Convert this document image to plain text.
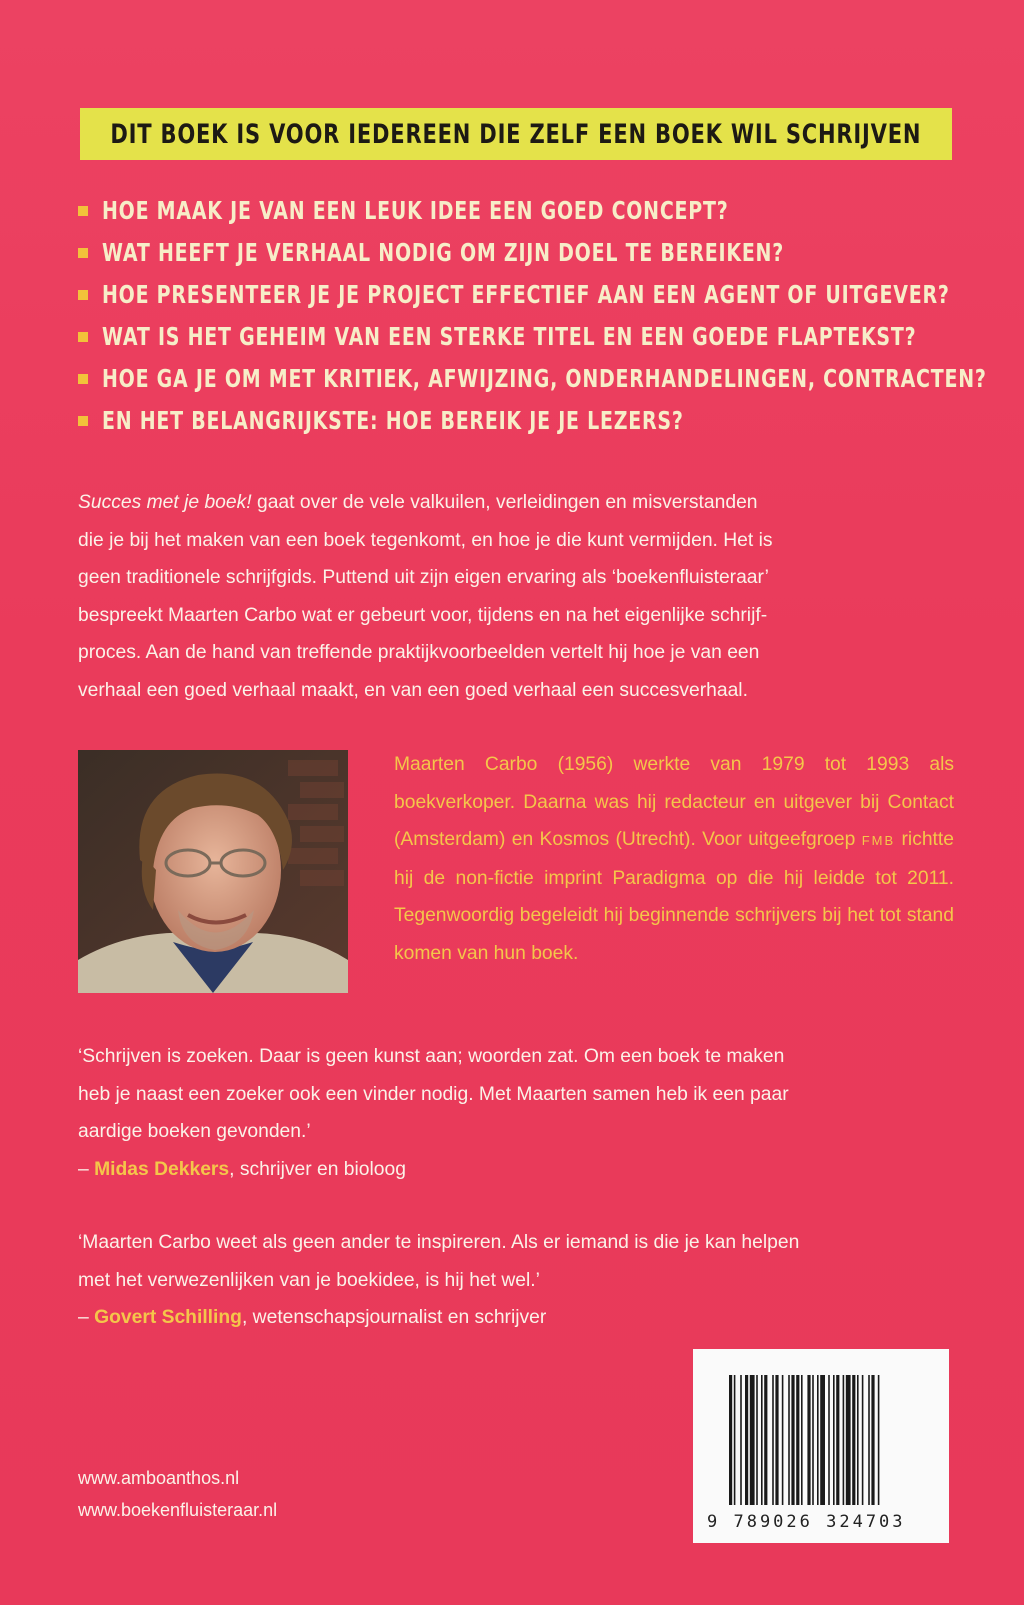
DIT BOEK IS VOOR IEDEREEN DIE ZELF EEN BOEK WIL SCHRIJVEN
HOE MAAK JE VAN EEN LEUK IDEE EEN GOED CONCEPT?
WAT HEEFT JE VERHAAL NODIG OM ZIJN DOEL TE BEREIKEN?
HOE PRESENTEER JE JE PROJECT EFFECTIEF AAN EEN AGENT OF UITGEVER?
WAT IS HET GEHEIM VAN EEN STERKE TITEL EN EEN GOEDE FLAPTEKST?
HOE GA JE OM MET KRITIEK, AFWIJZING, ONDERHANDELINGEN, CONTRACTEN?
EN HET BELANGRIJKSTE: HOE BEREIK JE JE LEZERS?
Succes met je boek! gaat over de vele valkuilen, verleidingen en misverstanden
die je bij het maken van een boek tegenkomt, en hoe je die kunt vermijden. Het is
geen traditionele schrijfgids. Puttend uit zijn eigen ervaring als ‘boekenfluisteraar’
bespreekt Maarten Carbo wat er gebeurt voor, tijdens en na het eigenlijke schrijf-
proces. Aan de hand van treffende praktijkvoorbeelden vertelt hij hoe je van een
verhaal een goed verhaal maakt, en van een goed verhaal een succesverhaal.
Maarten Carbo (1956) werkte van 1979 tot 1993 als boekverkoper. Daarna was hij redacteur en uitgever bij Contact (Amsterdam) en Kosmos (Utrecht). Voor uitgeefgroep FMB richtte hij de non-fictie imprint Paradigma op die hij leidde tot 2011. Tegenwoordig begeleidt hij beginnende schrijvers bij het tot stand komen van hun boek.
‘Schrijven is zoeken. Daar is geen kunst aan; woorden zat. Om een boek te maken
heb je naast een zoeker ook een vinder nodig. Met Maarten samen heb ik een paar
aardige boeken gevonden.’
– Midas Dekkers, schrijver en bioloog
‘Maarten Carbo weet als geen ander te inspireren. Als er iemand is die je kan helpen
met het verwezenlijken van je boekidee, is hij het wel.’
– Govert Schilling, wetenschapsjournalist en schrijver
www.amboanthos.nl
www.boekenfluisteraar.nl
9 789026 324703
